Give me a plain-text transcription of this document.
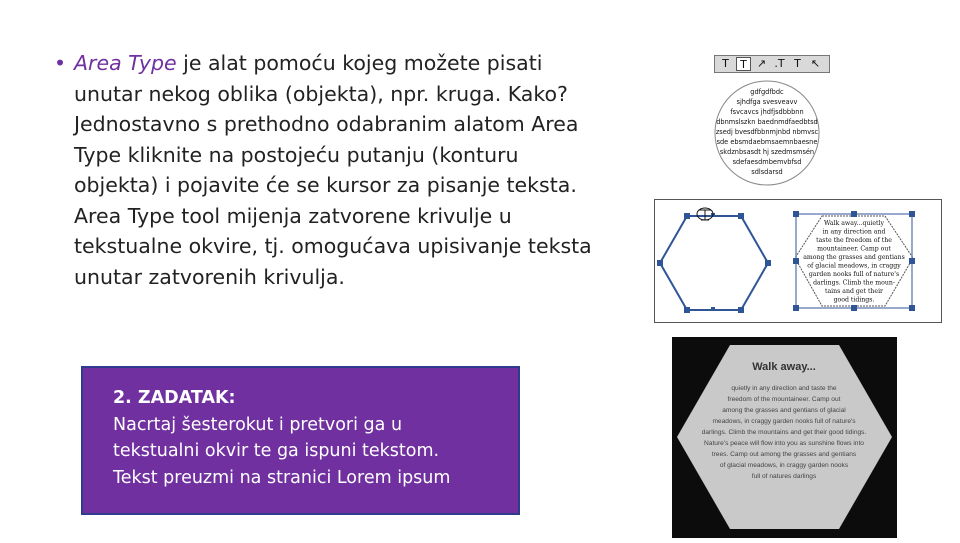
• Area Type je alat pomoću kojeg možete pisati
unutar nekog oblika (objekta), npr. kruga. Kako?
Jednostavno s prethodno odabranim alatom Area
Type kliknite na postojeću putanju (konturu
objekta) i pojavite će se kursor za pisanje teksta.
Area Type tool mijenja zatvorene krivulje u
tekstualne okvire, tj. omogućava upisivanje teksta
unutar zatvorenih krivulja.
2. ZADATAK:
Nacrtaj šesterokut i pretvori ga u
tekstualni okvir te ga ispuni tekstom.
Tekst preuzmi na stranici Lorem ipsum
T	T ↗ .T T ↖
gdfgdfbdc
sjhdfga svesveavv
fsvcavcs jhdfjsdbbbnn
dbnmslszkn baednmdfaedbtsd
zsedj bvesdfbbnmjnbd nbmvsc
sde ebsmdaebmsaemnbaesne
skdznbsasdt hj szedmsmsén
sdefaesdmbemvbfsd
sdlsdarsd
Walk away...quietly
in any direction and
taste the freedom of the
mountaineer. Camp out
among the grasses and gentians
of glacial meadows, in craggy
garden nooks full of nature's
darlings. Climb the moun-
tains and get their
good tidings.
Walk away...
quietly in any direction and taste the
freedom of the mountaineer. Camp out
among the grasses and gentians of glacial
meadows, in craggy garden nooks full of nature's
darlings. Climb the mountains and get their good tidings.
Nature's peace will flow into you as sunshine flows into
trees. Camp out among the grasses and gentians
of glacial meadows, in craggy garden nooks
full of natures darlings
